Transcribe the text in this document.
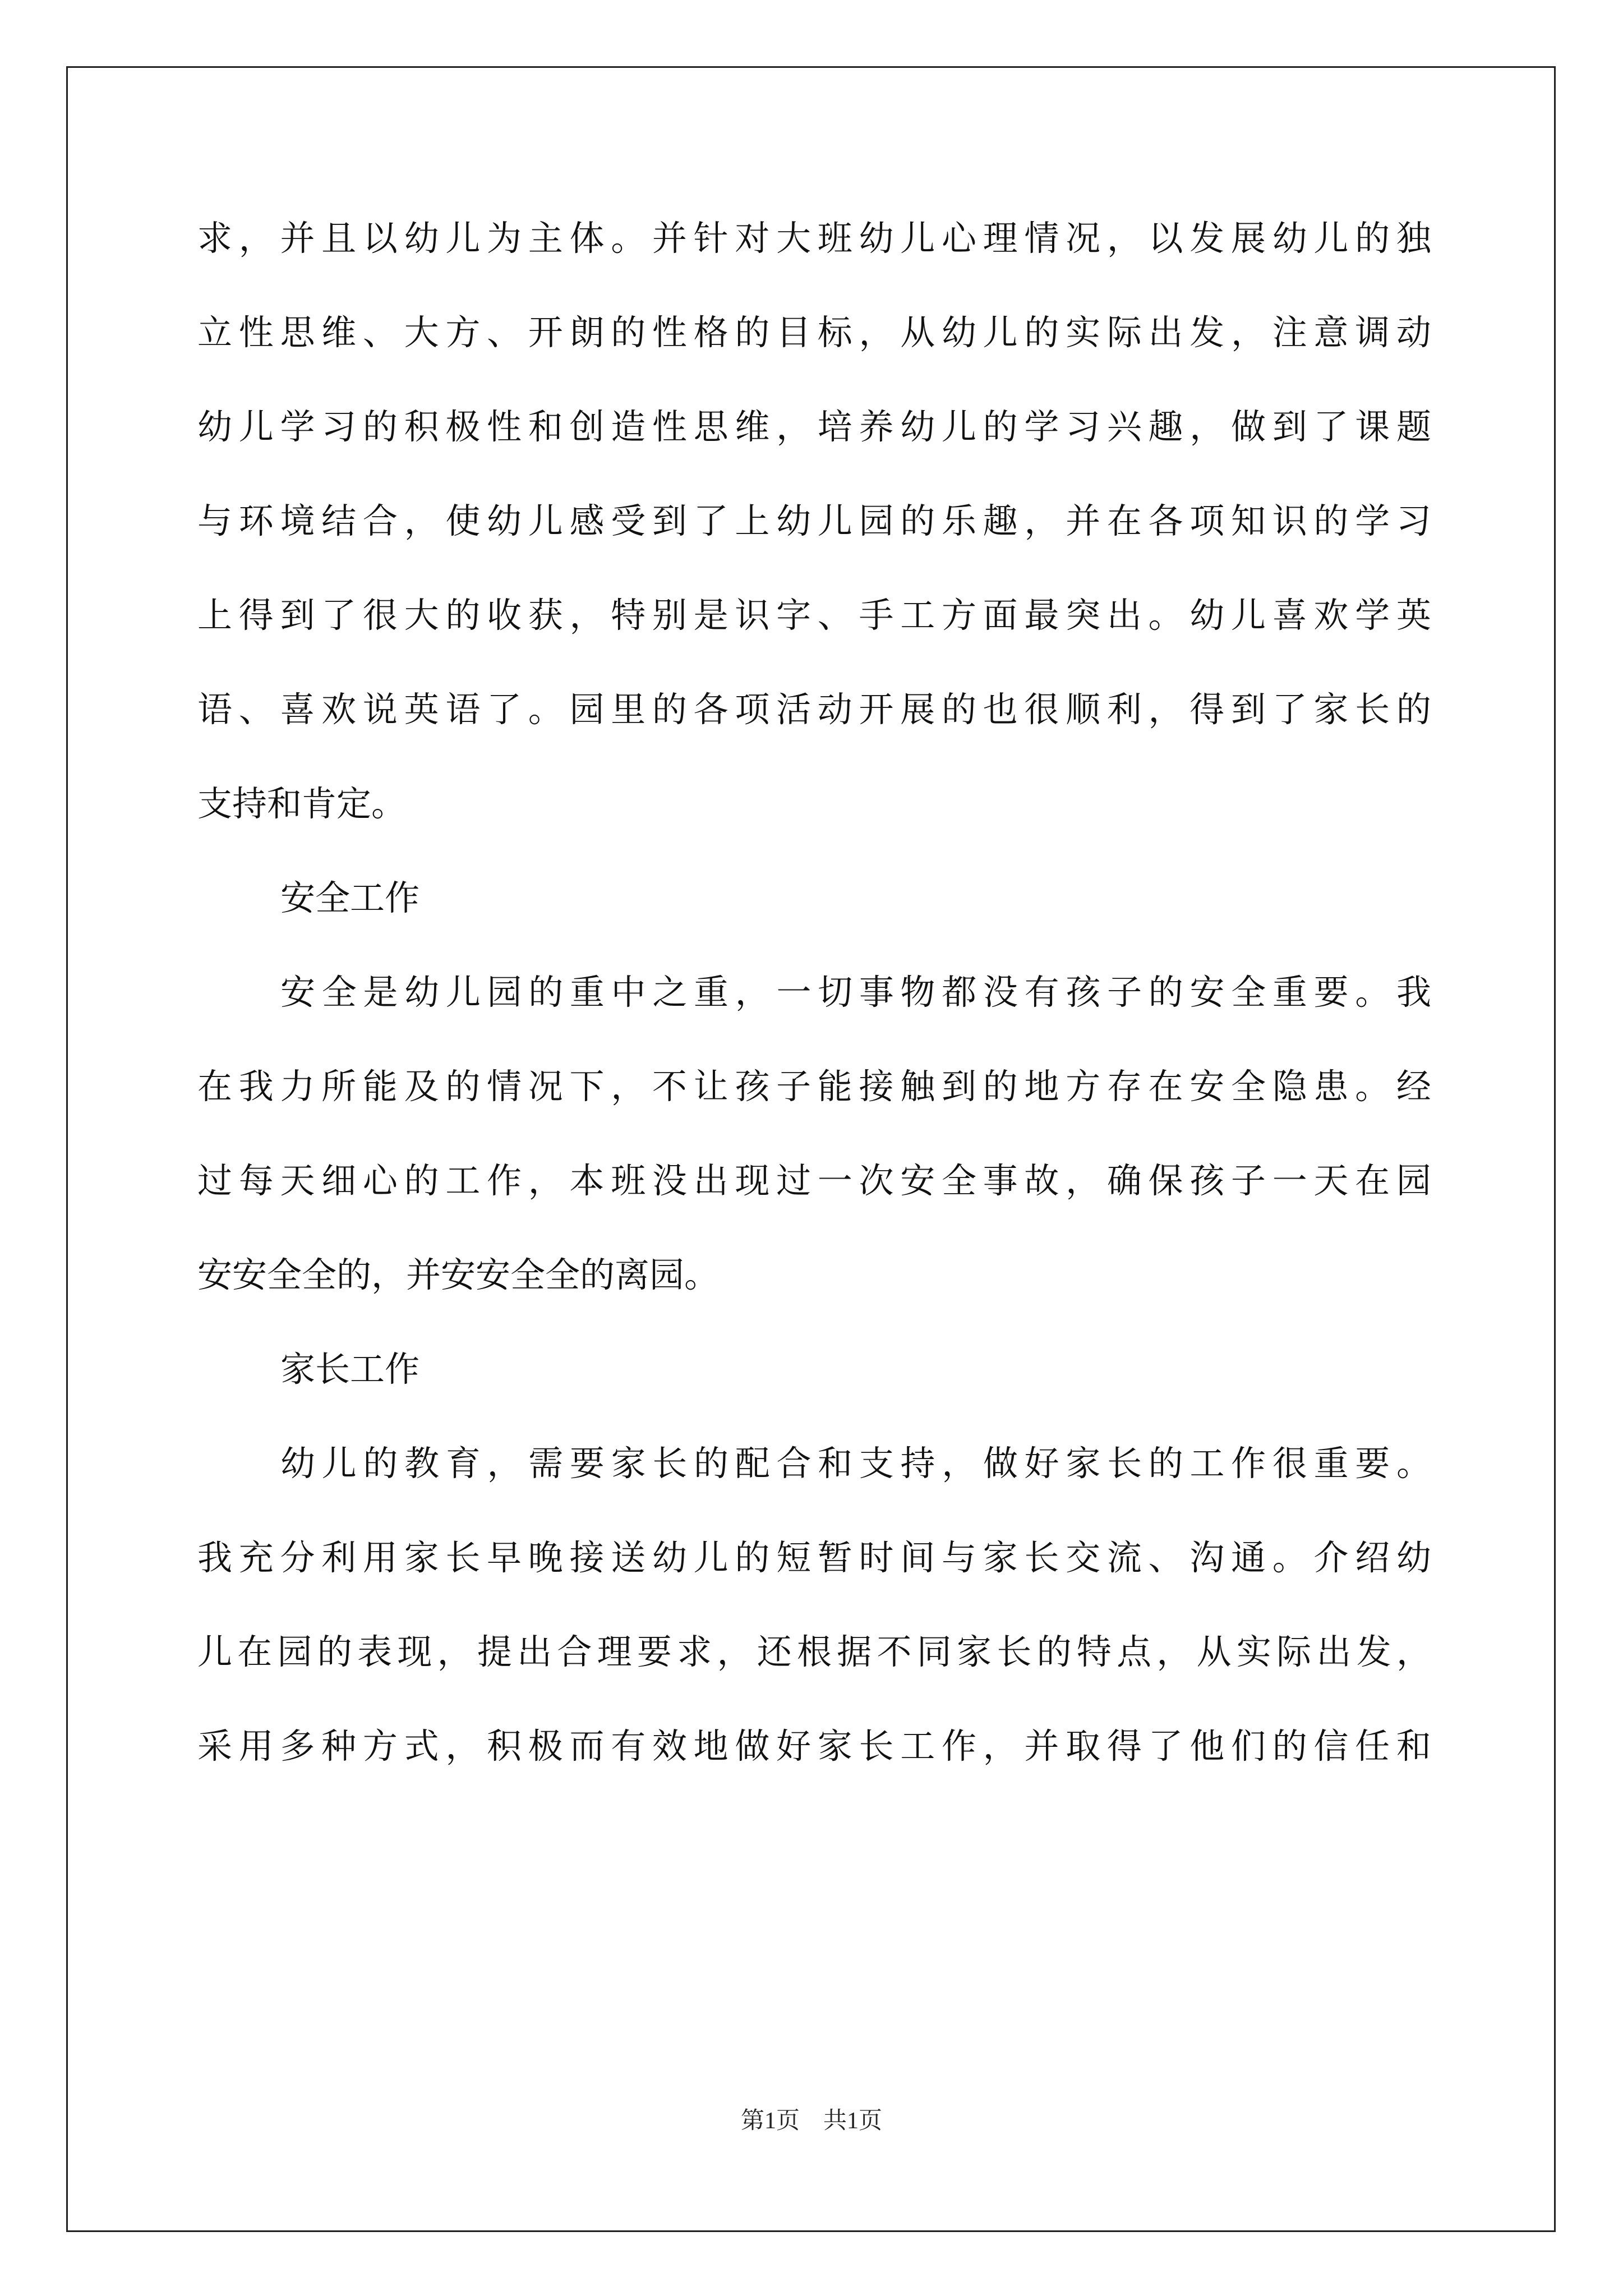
求 ， 并 且 以 幼 儿 为 主 体 。 并 针 对 大 班 幼 儿 心 理 情 况 ， 以 发 展 幼 儿 的 独
立 性 思 维 、 大 方 、 开 朗 的 性 格 的 目 标 ， 从 幼 儿 的 实 际 出 发 ， 注 意 调 动
幼 儿 学 习 的 积 极 性 和 创 造 性 思 维 ， 培 养 幼 儿 的 学 习 兴 趣 ， 做 到 了 课 题
与 环 境 结 合 ， 使 幼 儿 感 受 到 了 上 幼 儿 园 的 乐 趣 ， 并 在 各 项 知 识 的 学 习
上 得 到 了 很 大 的 收 获 ， 特 别 是 识 字 、 手 工 方 面 最 突 出 。 幼 儿 喜 欢 学 英
语 、 喜 欢 说 英 语 了 。 园 里 的 各 项 活 动 开 展 的 也 很 顺 利 ， 得 到 了 家 长 的
支持和肯定。
安全工作
安 全 是 幼 儿 园 的 重 中 之 重 ， 一 切 事 物 都 没 有 孩 子 的 安 全 重 要 。 我
在 我 力 所 能 及 的 情 况 下 ， 不 让 孩 子 能 接 触 到 的 地 方 存 在 安 全 隐 患 。 经
过 每 天 细 心 的 工 作 ， 本 班 没 出 现 过 一 次 安 全 事 故 ， 确 保 孩 子 一 天 在 园
安安全全的，并安安全全的离园。
家长工作
幼 儿 的 教 育 ， 需 要 家 长 的 配 合 和 支 持 ， 做 好 家 长 的 工 作 很 重 要 。
我 充 分 利 用 家 长 早 晚 接 送 幼 儿 的 短 暂 时 间 与 家 长 交 流 、 沟 通 。 介 绍 幼
儿 在 园 的 表 现 ， 提 出 合 理 要 求 ， 还 根 据 不 同 家 长 的 特 点 ， 从 实 际 出 发 ，
采 用 多 种 方 式 ， 积 极 而 有 效 地 做 好 家 长 工 作 ， 并 取 得 了 他 们 的 信 任 和
第1页　共1页
